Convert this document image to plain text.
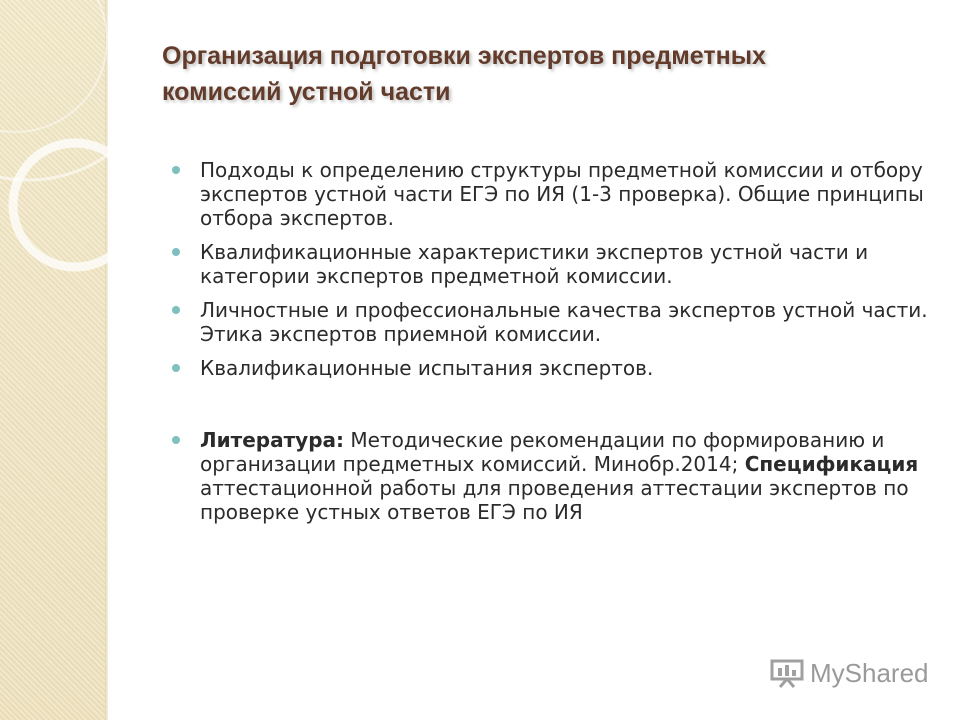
Организация подготовки экспертов предметных
комиссий устной части
Подходы к определению структуры предметной комиссии и отбору экспертов устной части ЕГЭ по ИЯ (1-3 проверка). Общие принципы отбора экспертов.
Квалификационные характеристики экспертов устной части и категории экспертов предметной комиссии.
Личностные и профессиональные качества экспертов устной части. Этика экспертов приемной комиссии.
Квалификационные испытания экспертов.
Литература: Методические рекомендации по формированию и организации предметных комиссий. Минобр.2014; Спецификация аттестационной работы для проведения аттестации экспертов по проверке устных ответов ЕГЭ по ИЯ
MyShared
